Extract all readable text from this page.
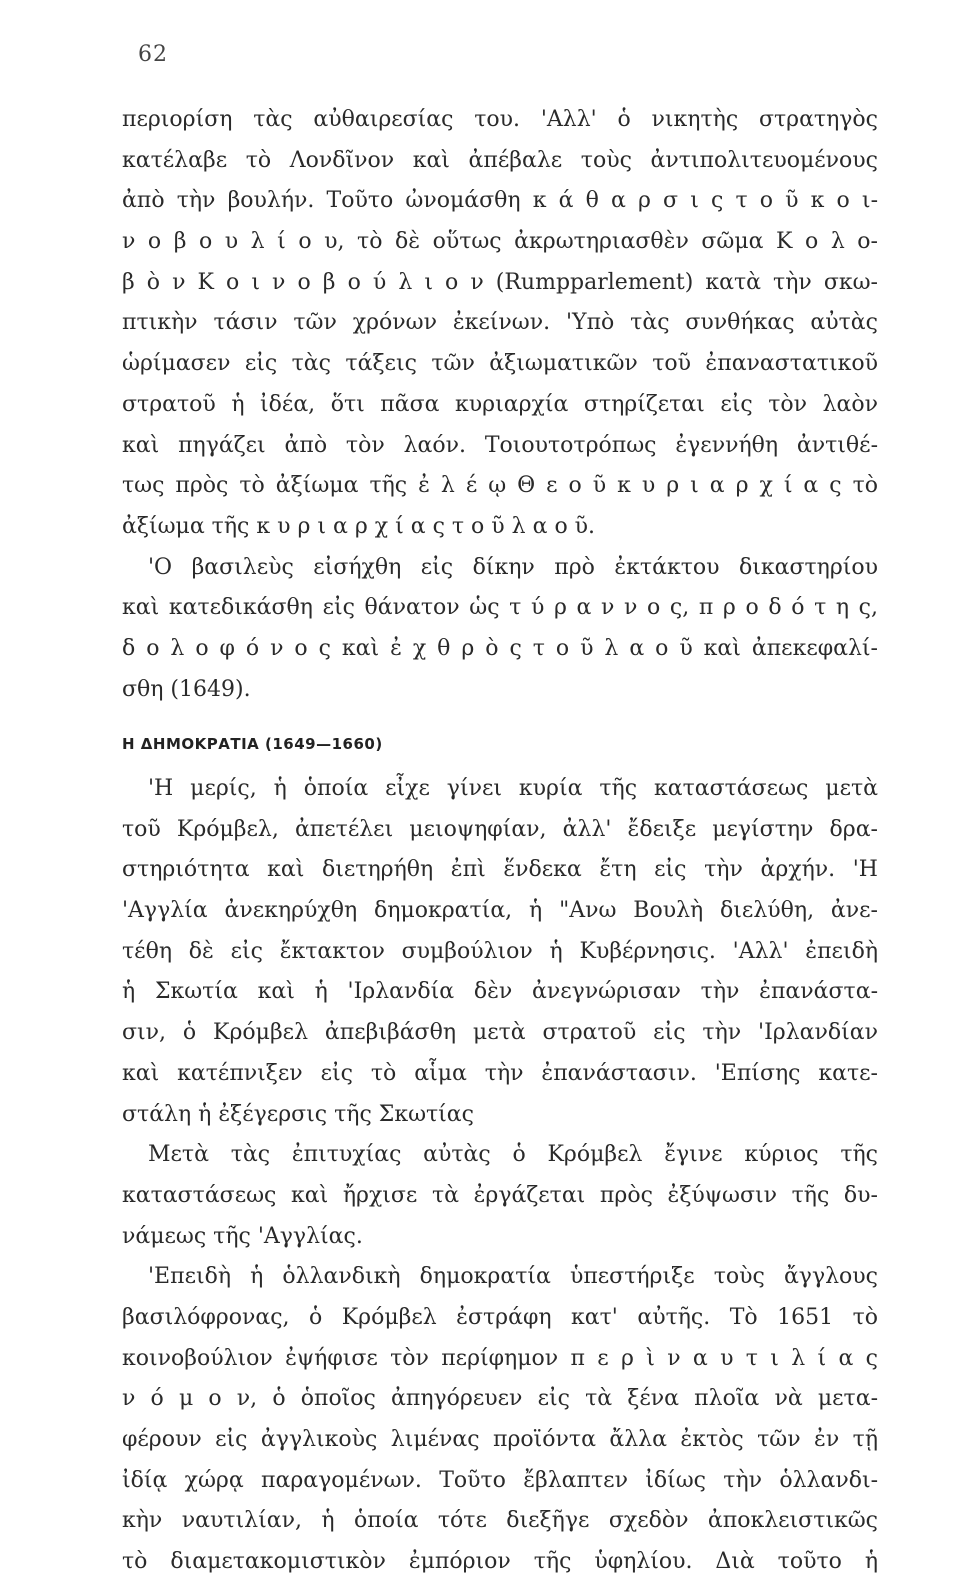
62
περιορίση τὰς αὐθαιρεσίας του. 'Αλλ' ὁ νικητὴς στρατηγὸς
κατέλαβε τὸ Λονδῖνον καὶ ἀπέβαλε τοὺς ἀντιπολιτευομένους
ἀπὸ τὴν βουλήν. Τοῦτο ὠνομάσθη κ ά θ α ρ σ ι ς τ ο ῦ κ ο ι-
ν ο β ο υ λ ί ο υ, τὸ δὲ οὕτως ἀκρωτηριασθὲν σῶμα Κ ο λ ο-
β ὸ ν Κ ο ι ν ο β ο ύ λ ι ο ν (Rumpparlement) κατὰ τὴν σκω-
πτικὴν τάσιν τῶν χρόνων ἐκείνων. 'Υπὸ τὰς συνθήκας αὐτὰς
ὡρίμασεν εἰς τὰς τάξεις τῶν ἀξιωματικῶν τοῦ ἐπαναστατικοῦ
στρατοῦ ἡ ἰδέα, ὅτι πᾶσα κυριαρχία στηρίζεται εἰς τὸν λαὸν
καὶ πηγάζει ἀπὸ τὸν λαόν. Τοιουτοτρόπως ἐγεννήθη ἀντιθέ-
τως πρὸς τὸ ἀξίωμα τῆς ἐ λ έ ῳ Θ ε ο ῦ κ υ ρ ι α ρ χ ί α ς τὸ
ἀξίωμα τῆς κ υ ρ ι α ρ χ ί α ς τ ο ῦ λ α ο ῦ.
'Ο βασιλεὺς εἰσήχθη εἰς δίκην πρὸ ἐκτάκτου δικαστηρίου
καὶ κατεδικάσθη εἰς θάνατον ὡς τ ύ ρ α ν ν ο ς, π ρ ο δ ό τ η ς,
δ ο λ ο φ ό ν ο ς καὶ ἐ χ θ ρ ὸ ς τ ο ῦ λ α ο ῦ καὶ ἀπεκεφαλί-
σθη (1649).
Η ΔΗΜΟΚΡΑΤΙΑ (1649—1660)
'Η μερίς, ἡ ὁποία εἶχε γίνει κυρία τῆς καταστάσεως μετὰ
τοῦ Κρόμβελ, ἀπετέλει μειοψηφίαν, ἀλλ' ἔδειξε μεγίστην δρα-
στηριότητα καὶ διετηρήθη ἐπὶ ἕνδεκα ἔτη εἰς τὴν ἀρχήν. 'Η
'Αγγλία ἀνεκηρύχθη δημοκρατία, ἡ "Ανω Βουλὴ διελύθη, ἀνε-
τέθη δὲ εἰς ἔκτακτον συμβούλιον ἡ Κυβέρνησις. 'Αλλ' ἐπειδὴ
ἡ Σκωτία καὶ ἡ 'Ιρλανδία δὲν ἀνεγνώρισαν τὴν ἐπανάστα-
σιν, ὁ Κρόμβελ ἀπεβιβάσθη μετὰ στρατοῦ εἰς τὴν 'Ιρλανδίαν
καὶ κατέπνιξεν εἰς τὸ αἷμα τὴν ἐπανάστασιν. 'Επίσης κατε-
στάλη ἡ ἐξέγερσις τῆς Σκωτίας
Μετὰ τὰς ἐπιτυχίας αὐτὰς ὁ Κρόμβελ ἔγινε κύριος τῆς
καταστάσεως καὶ ἤρχισε τὰ ἐργάζεται πρὸς ἐξύψωσιν τῆς δυ-
νάμεως τῆς 'Αγγλίας.
'Επειδὴ ἡ ὁλλανδικὴ δημοκρατία ὑπεστήριξε τοὺς ἄγγλους
βασιλόφρονας, ὁ Κρόμβελ ἐστράφη κατ' αὐτῆς. Τὸ 1651 τὸ
κοινοβούλιον ἐψήφισε τὸν περίφημον π ε ρ ὶ ν α υ τ ι λ ί α ς
ν ό μ ο ν, ὁ ὁποῖος ἀπηγόρευεν εἰς τὰ ξένα πλοῖα νὰ μετα-
φέρουν εἰς ἀγγλικοὺς λιμένας προϊόντα ἄλλα ἐκτὸς τῶν ἐν τῇ
ἰδίᾳ χώρᾳ παραγομένων. Τοῦτο ἔβλαπτεν ἰδίως τὴν ὁλλανδι-
κὴν ναυτιλίαν, ἡ ὁποία τότε διεξῆγε σχεδὸν ἀποκλειστικῶς
τὸ διαμετακομιστικὸν ἐμπόριον τῆς ὑφηλίου. Διὰ τοῦτο ἡ
